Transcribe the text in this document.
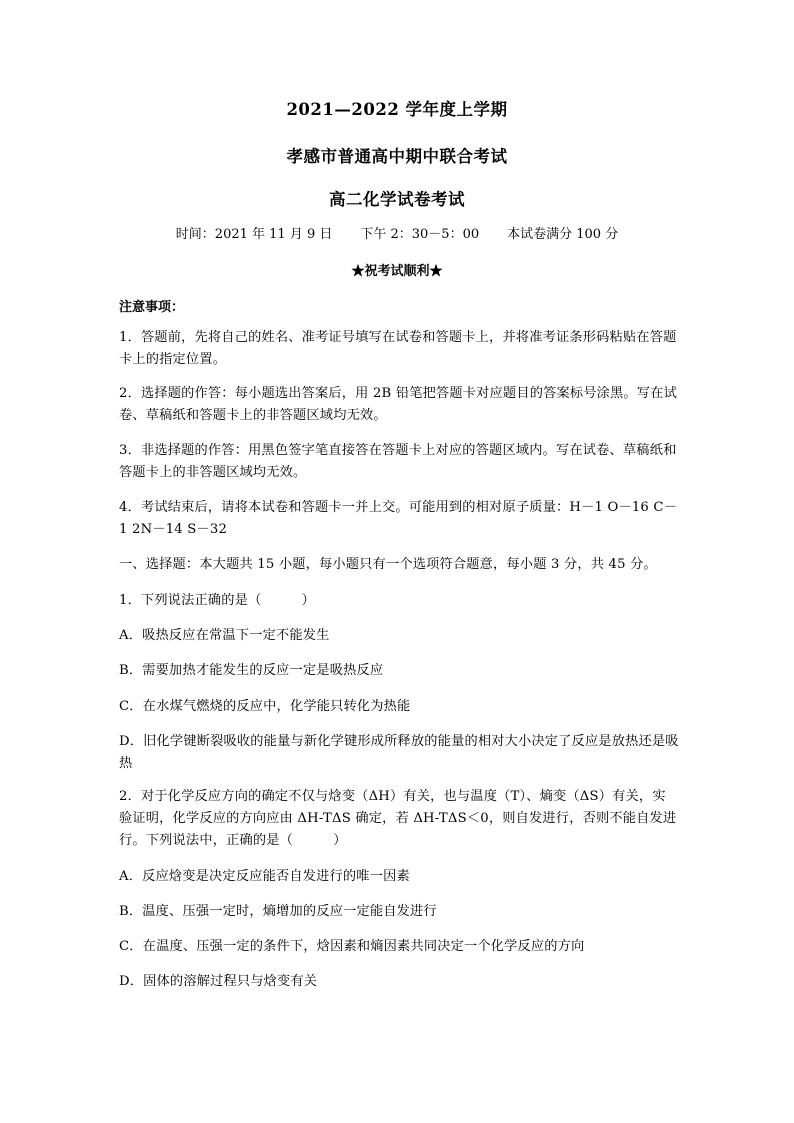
2021—2022 学年度上学期
孝感市普通高中期中联合考试
高二化学试卷考试
时间：2021 年 11 月 9 日 下午 2：30－5：00 本试卷满分 100 分
★祝考试顺利★
注意事项：
1．答题前，先将自己的姓名、准考证号填写在试卷和答题卡上，并将准考证条形码粘贴在答题卡上的指定位置。
2．选择题的作答：每小题选出答案后，用 2B 铅笔把答题卡对应题目的答案标号涂黑。写在试卷、草稿纸和答题卡上的非答题区域均无效。
3．非选择题的作答：用黑色签字笔直接答在答题卡上对应的答题区域内。写在试卷、草稿纸和答题卡上的非答题区域均无效。
4．考试结束后，请将本试卷和答题卡一并上交。可能用到的相对原子质量：H－1 O－16 C－1 2N－14 S－32
一、选择题：本大题共 15 小题，每小题只有一个选项符合题意，每小题 3 分，共 45 分。
1．下列说法正确的是（　　　）
A．吸热反应在常温下一定不能发生
B．需要加热才能发生的反应一定是吸热反应
C．在水煤气燃烧的反应中，化学能只转化为热能
D．旧化学键断裂吸收的能量与新化学键形成所释放的能量的相对大小决定了反应是放热还是吸热
2．对于化学反应方向的确定不仅与焓变（ΔH）有关，也与温度（T）、熵变（ΔS）有关，实验证明，化学反应的方向应由 ΔH-TΔS 确定，若 ΔH-TΔS＜0，则自发进行，否则不能自发进行。下列说法中，正确的是（　　　）
A．反应焓变是决定反应能否自发进行的唯一因素
B．温度、压强一定时，熵增加的反应一定能自发进行
C．在温度、压强一定的条件下，焓因素和熵因素共同决定一个化学反应的方向
D．固体的溶解过程只与焓变有关
